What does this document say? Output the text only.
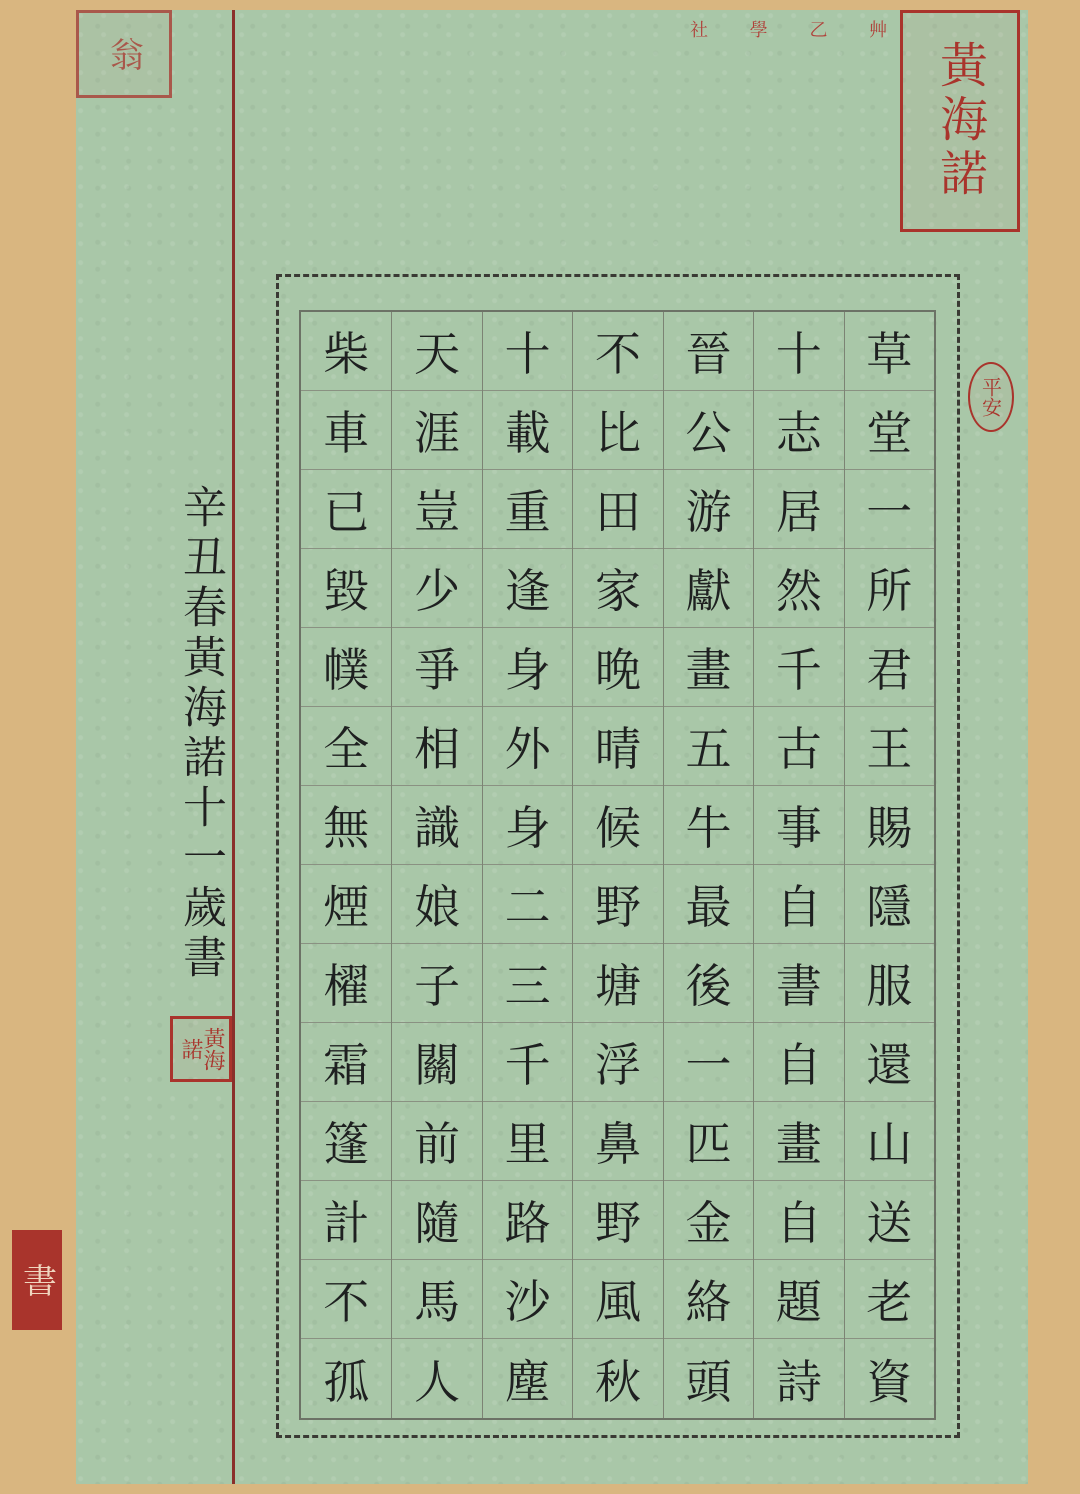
社 學 乙 艸
翁	黃海諾
平安
黃海諾
書
草
堂
一
所
君
王
賜
隱
服
還
山
送
老
資
十
志
居
然
千
古
事
自
書
自
畫
自
題
詩
晉
公
游
獻
畫
五
牛
最
後
一
匹
金
絡
頭
不
比
田
家
晚
晴
候
野
塘
浮
鼻
野
風
秋
十
載
重
逢
身
外
身
二
三
千
里
路
沙
塵
天
涯
豈
少
爭
相
識
娘
子
關
前
隨
馬
人
柴
車
已
毀
幞
全
無
煙
櫂
霜
篷
計
不
孤
辛丑春黃海諾十一歲書
